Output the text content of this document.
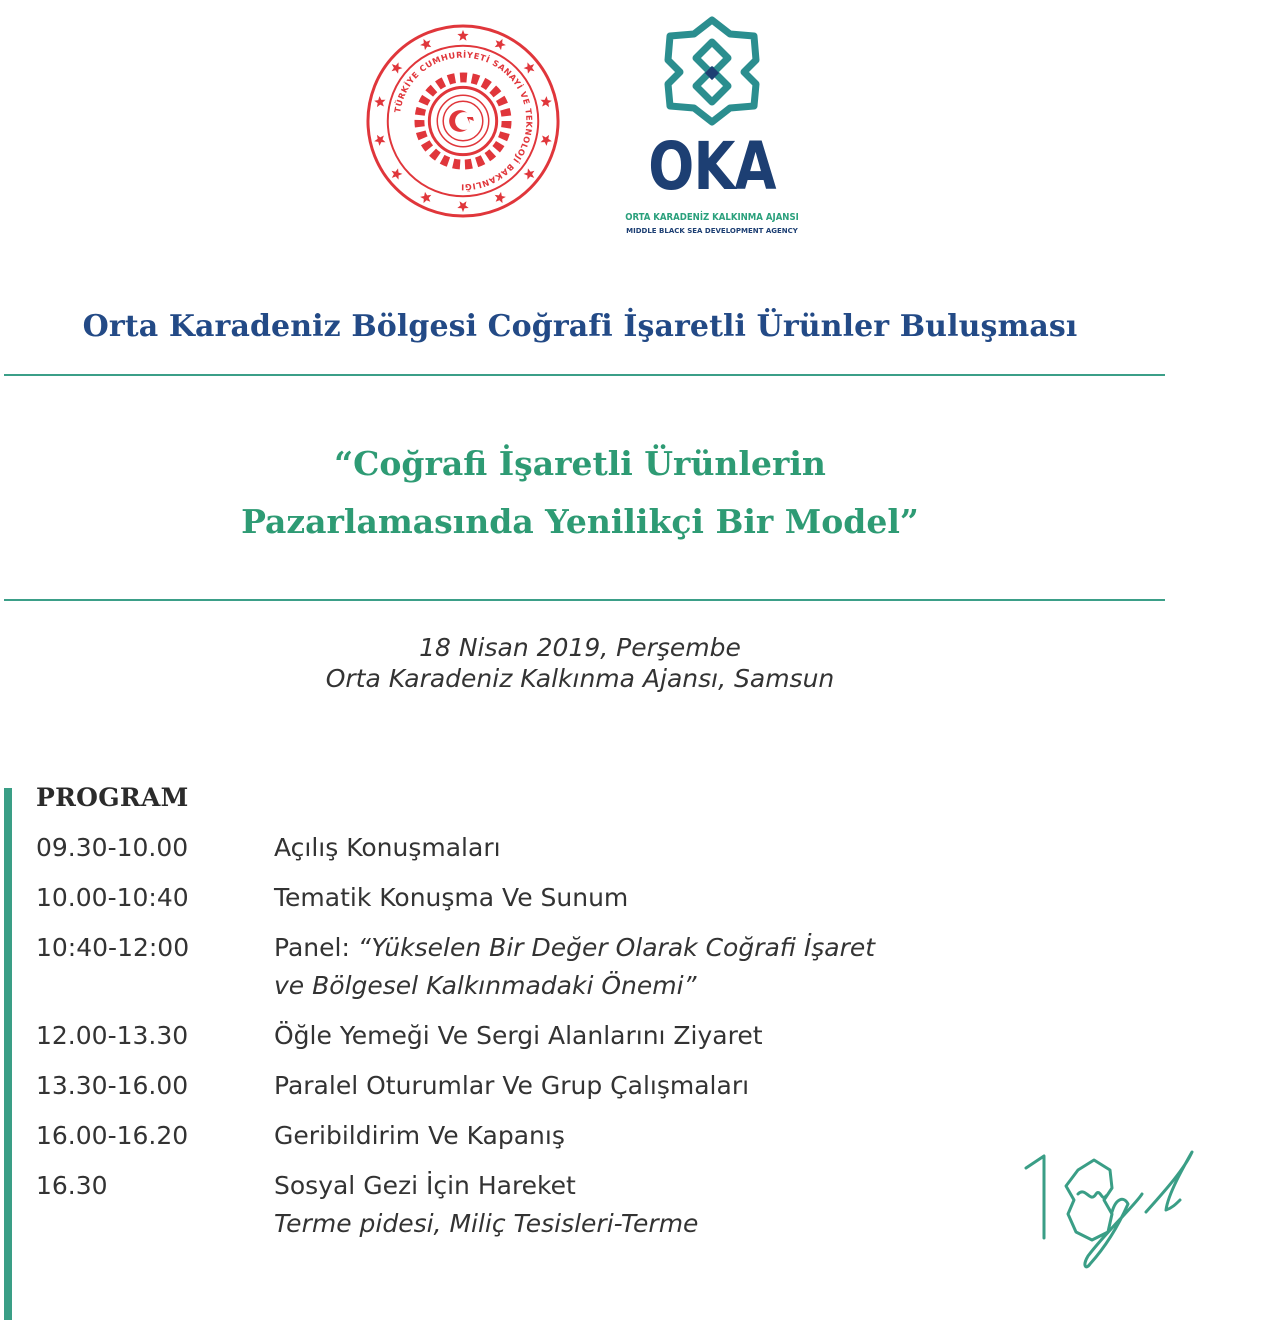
TÜRKİYE CUMHURİYETİ SANAYİ VE TEKNOLOJİ BAKANLIĞI	OKA
ORTA KARADENİZ KALKINMA AJANSI
MIDDLE BLACK SEA DEVELOPMENT AGENCY
Orta Karadeniz Bölgesi Coğrafi İşaretli Ürünler Buluşması
“Coğrafi İşaretli Ürünlerin
Pazarlamasında Yenilikçi Bir Model”
18 Nisan 2019, Perşembe
Orta Karadeniz Kalkınma Ajansı, Samsun
PROGRAM
09.30-10.00	Açılış Konuşmaları
10.00-10:40	Tematik Konuşma Ve Sunum
10:40-12:00	Panel: “Yükselen Bir Değer Olarak Coğrafi İşaret
ve Bölgesel Kalkınmadaki Önemi”
12.00-13.30	Öğle Yemeği Ve Sergi Alanlarını Ziyaret
13.30-16.00	Paralel Oturumlar Ve Grup Çalışmaları
16.00-16.20	Geribildirim Ve Kapanış
16.30	Sosyal Gezi İçin Hareket
Terme pidesi, Miliç Tesisleri-Terme
